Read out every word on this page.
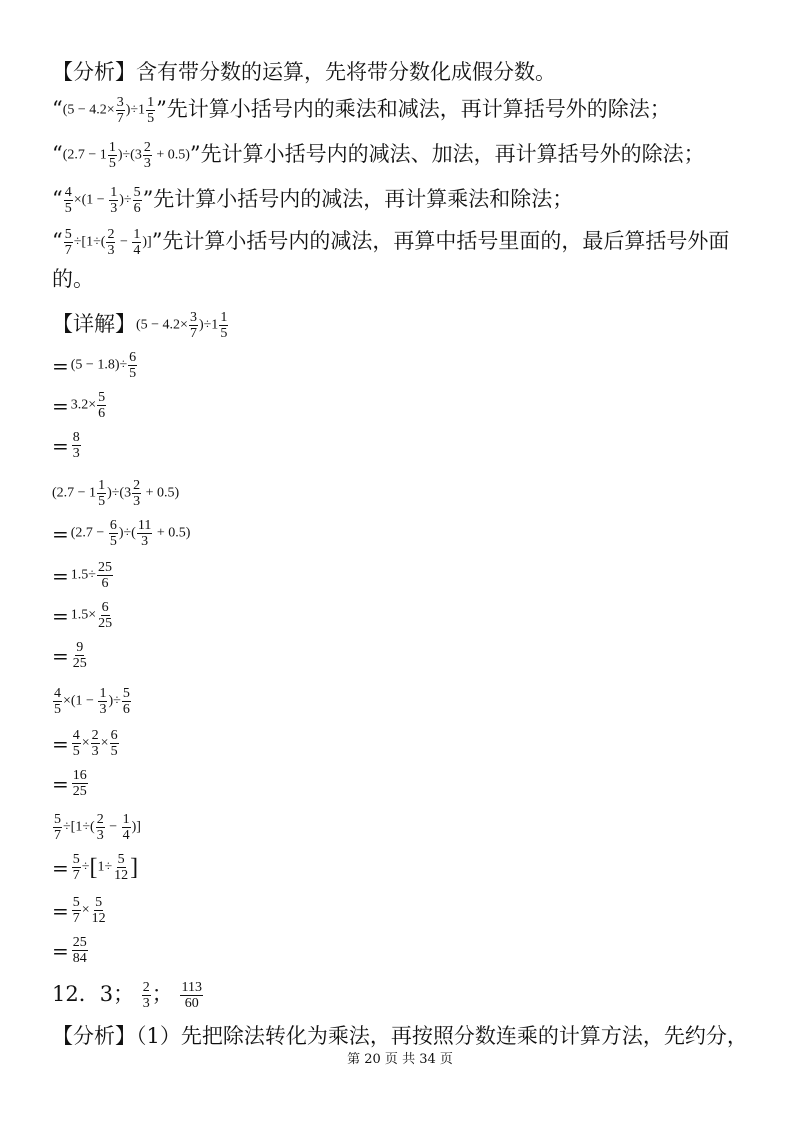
【分析】含有带分数的运算，先将带分数化成假分数。
“$(5 - 4.2\times \frac{3}{7} )\div 1 \frac{1}{5}$ ”先计算小括号内的乘法和减法，再计算括号外的除法；
“$(2.7 - 1 \frac{1}{5} )\div(3 \frac{2}{3} + 0.5)$”先计算小括号内的减法、加法，再计算括号外的除法；
“ $\frac{4}{5} \times(1 - \frac{1}{3}$ )÷ $\frac{5}{6}$ ”先计算小括号内的减法，再计算乘法和除法；
“ $\frac{5}{7} \div[1\div( \frac{2}{3} - \frac{1}{4}$ )]”先计算小括号内的减法，再算中括号里面的，最后算括号外面
的。
【详解】$(5 - 4.2\times \frac{3}{7} )\div 1 \frac{1}{5}$
= $(5 - 1.8)\div \frac{6}{5}$
= $3.2\times \frac{5}{6}$
= $\frac{8}{3}$
$(2.7 - 1 \frac{1}{5} )\div(3 \frac{2}{3} + 0.5)$
= ($2.7 - \frac{6}{5}$ )÷( $\frac{11}{3} + 0.5$)
= $1.5\div \frac{25}{6}$
= $1.5\times \frac{6}{25}$
= $\frac{9}{25}$
$\frac{4}{5} \times(1 - \frac{1}{3}$ )÷ $\frac{5}{6}$
= $\frac{4}{5} \times \frac{2}{3} \times \frac{6}{5}$
= $\frac{16}{25}$
$\frac{5}{7} \div[1\div( \frac{2}{3} - \frac{1}{4}$ )]
= $\frac{5}{7} \div[1\div \frac{5}{12}$ ]
= $\frac{5}{7} \times \frac{5}{12}$
= $\frac{25}{84}$
12．3； $\frac{2}{3}$ ； $\frac{113}{60}$
【分析】（1）先把除法转化为乘法，再按照分数连乘的计算方法，先约分，
第 20 页 共 34 页
